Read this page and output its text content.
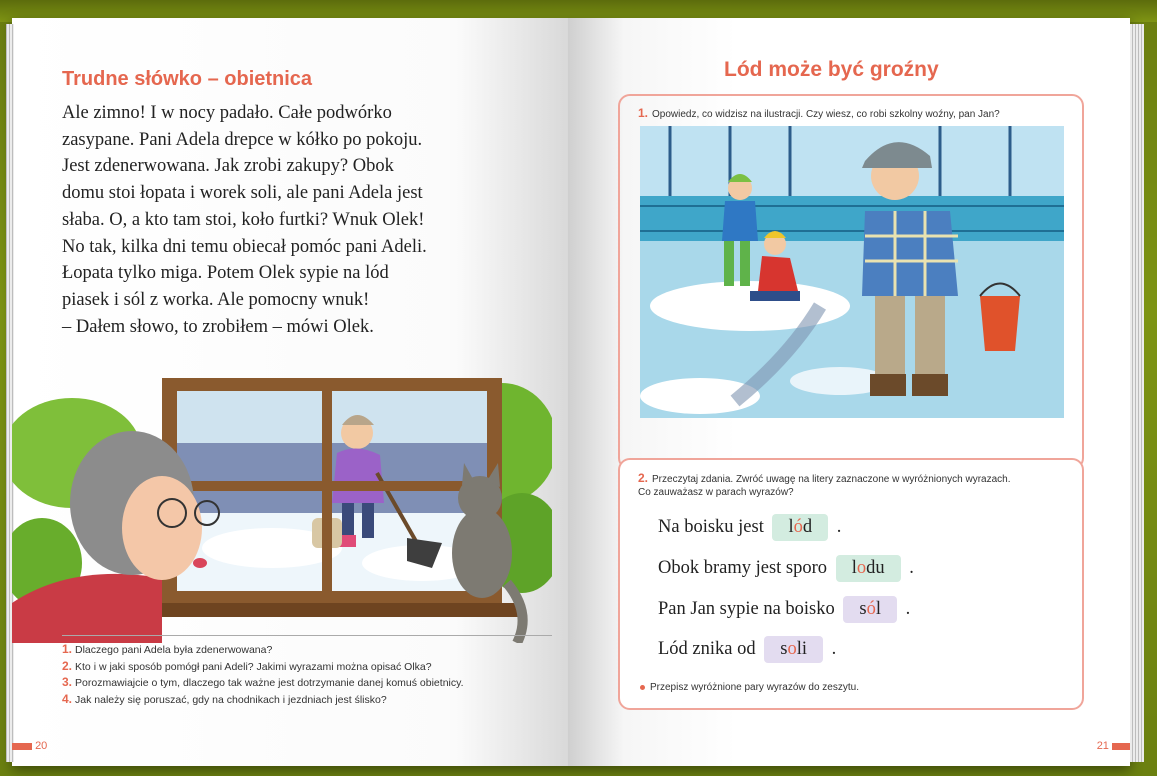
Trudne słówko – obietnica

Ale zimno! I w nocy padało. Całe podwórko

zasypane. Pani Adela drepce w kółko po pokoju.

Jest zdenerwowana. Jak zrobi zakupy? Obok

domu stoi łopata i worek soli, ale pani Adela jest

słaba. O, a kto tam stoi, koło furtki? Wnuk Olek!

No tak, kilka dni temu obiecał pomóc pani Adeli.

Łopata tylko miga. Potem Olek sypie na lód

piasek i sól z worka. Ale pomocny wnuk!

– Dałem słowo, to zrobiłem – mówi Olek.

1. Dlaczego pani Adela była zdenerwowana?
2. Kto i w jaki sposób pomógł pani Adeli? Jakimi wyrazami można opisać Olka?
3. Porozmawiajcie o tym, dlaczego tak ważne jest dotrzymanie danej komuś obietnicy.
4. Jak należy się poruszać, gdy na chodnikach i jezdniach jest ślisko?
20
Lód może być groźny
1. Opowiedz, co widzisz na ilustracji. Czy wiesz, co robi szkolny woźny, pan Jan?
2. Przeczytaj zdania. Zwróć uwagę na litery zaznaczone w wyróżnionych wyrazach.
Co zauważasz w parach wyrazów?
Na boisku jest lód .
Obok bramy jest sporo lodu .
Pan Jan sypie na boisko sól .
Lód znika od soli .
Przepisz wyróżnione pary wyrazów do zeszytu.
21
